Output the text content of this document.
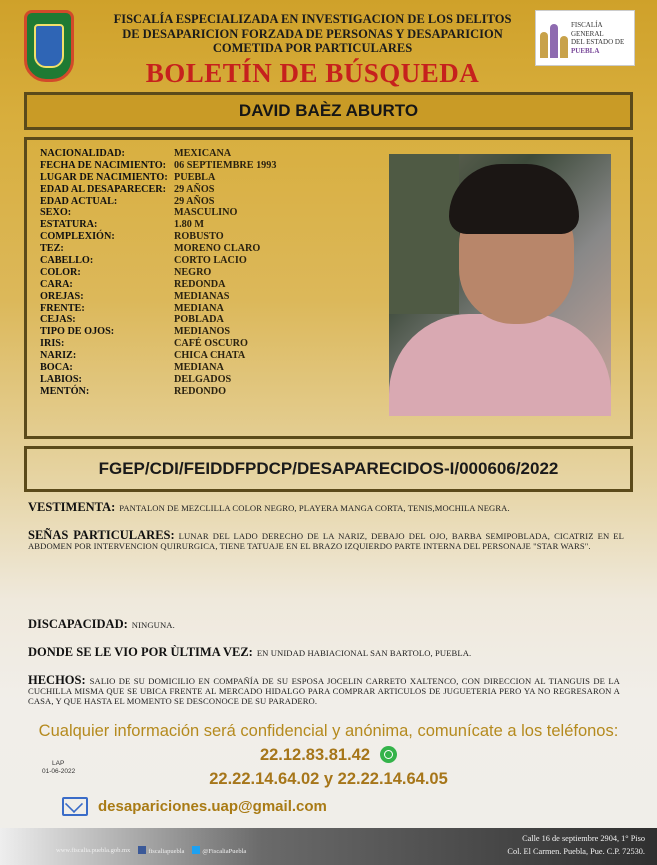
FISCALÍA ESPECIALIZADA EN INVESTIGACION DE LOS DELITOS
DE DESAPARICION FORZADA DE PERSONAS Y DESAPARICION
COMETIDA POR PARTICULARES
BOLETÍN DE BÚSQUEDA
FISCALÍA GENERAL
DEL ESTADO DE
PUEBLA
DAVID BAÈZ ABURTO
NACIONALIDAD:	MEXICANA
FECHA DE NACIMIENTO: 06 SEPTIEMBRE 1993
LUGAR DE NACIMIENTO: PUEBLA
EDAD AL DESAPARECER: 29 AÑOS
EDAD ACTUAL:	29 AÑOS
SEXO:	MASCULINO
ESTATURA:	1.80 M
COMPLEXIÓN:	ROBUSTO
TEZ:	MORENO CLARO
CABELLO:	CORTO LACIO
COLOR:	NEGRO
CARA:	REDONDA
OREJAS:	MEDIANAS
FRENTE:	MEDIANA
CEJAS:	POBLADA
TIPO DE OJOS:	MEDIANOS
IRIS:	CAFÉ OSCURO
NARIZ:	CHICA CHATA
BOCA:	MEDIANA
LABIOS:	DELGADOS
MENTÓN:	REDONDO
FGEP/CDI/FEIDDFPDCP/DESAPARECIDOS-I/000606/2022
VESTIMENTA: PANTALON DE MEZCLILLA COLOR NEGRO, PLAYERA MANGA CORTA, TENIS,MOCHILA NEGRA.
SEÑAS PARTICULARES: LUNAR DEL LADO DERECHO DE LA NARIZ, DEBAJO DEL OJO, BARBA SEMIPOBLADA, CICATRIZ EN EL ABDOMEN POR INTERVENCION QUIRURGICA, TIENE TATUAJE EN EL BRAZO IZQUIERDO PARTE INTERNA DEL PERSONAJE "STAR WARS".
DISCAPACIDAD: NINGUNA.
DONDE SE LE VIO POR ÙLTIMA VEZ: EN UNIDAD HABIACIONAL SAN BARTOLO, PUEBLA.
HECHOS: SALIO DE SU DOMICILIO EN COMPAÑÍA DE SU ESPOSA JOCELIN CARRETO XALTENCO, CON DIRECCION AL TIANGUIS DE LA CUCHILLA MISMA QUE SE UBICA FRENTE AL MERCADO HIDALGO PARA COMPRAR ARTICULOS DE JUGUETERIA PERO YA NO REGRESARON A CASA, Y QUE HASTA EL MOMENTO SE DESCONOCE DE SU PARADERO.
Cualquier información será confidencial y anónima, comunícate a los teléfonos:
22.12.83.81.42
22.22.14.64.02 y 22.22.14.64.05
LAP
01-06-2022
desapariciones.uap@gmail.com
www.fiscalia.puebla.gob.mx	fiscaliapuebla	@FiscaliaPuebla
Calle 16 de septiembre 2904, 1° Piso
Col. El Carmen. Puebla, Pue. C.P. 72530.
